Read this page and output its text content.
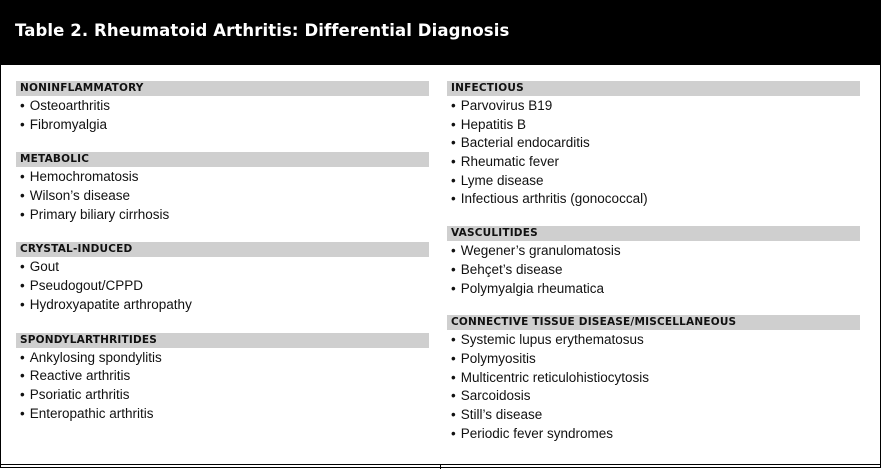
Table 2. Rheumatoid Arthritis: Differential Diagnosis
NONINFLAMMATORY
• Osteoarthritis
• Fibromyalgia
METABOLIC
• Hemochromatosis
• Wilson’s disease
• Primary biliary cirrhosis
CRYSTAL-INDUCED
• Gout
• Pseudogout/CPPD
• Hydroxyapatite arthropathy
SPONDYLARTHRITIDES
• Ankylosing spondylitis
• Reactive arthritis
• Psoriatic arthritis
• Enteropathic arthritis
INFECTIOUS
• Parvovirus B19
• Hepatitis B
• Bacterial endocarditis
• Rheumatic fever
• Lyme disease
• Infectious arthritis (gonococcal)
VASCULITIDES
• Wegener’s granulomatosis
• Behçet’s disease
• Polymyalgia rheumatica
CONNECTIVE TISSUE DISEASE/MISCELLANEOUS
• Systemic lupus erythematosus
• Polymyositis
• Multicentric reticulohistiocytosis
• Sarcoidosis
• Still’s disease
• Periodic fever syndromes
